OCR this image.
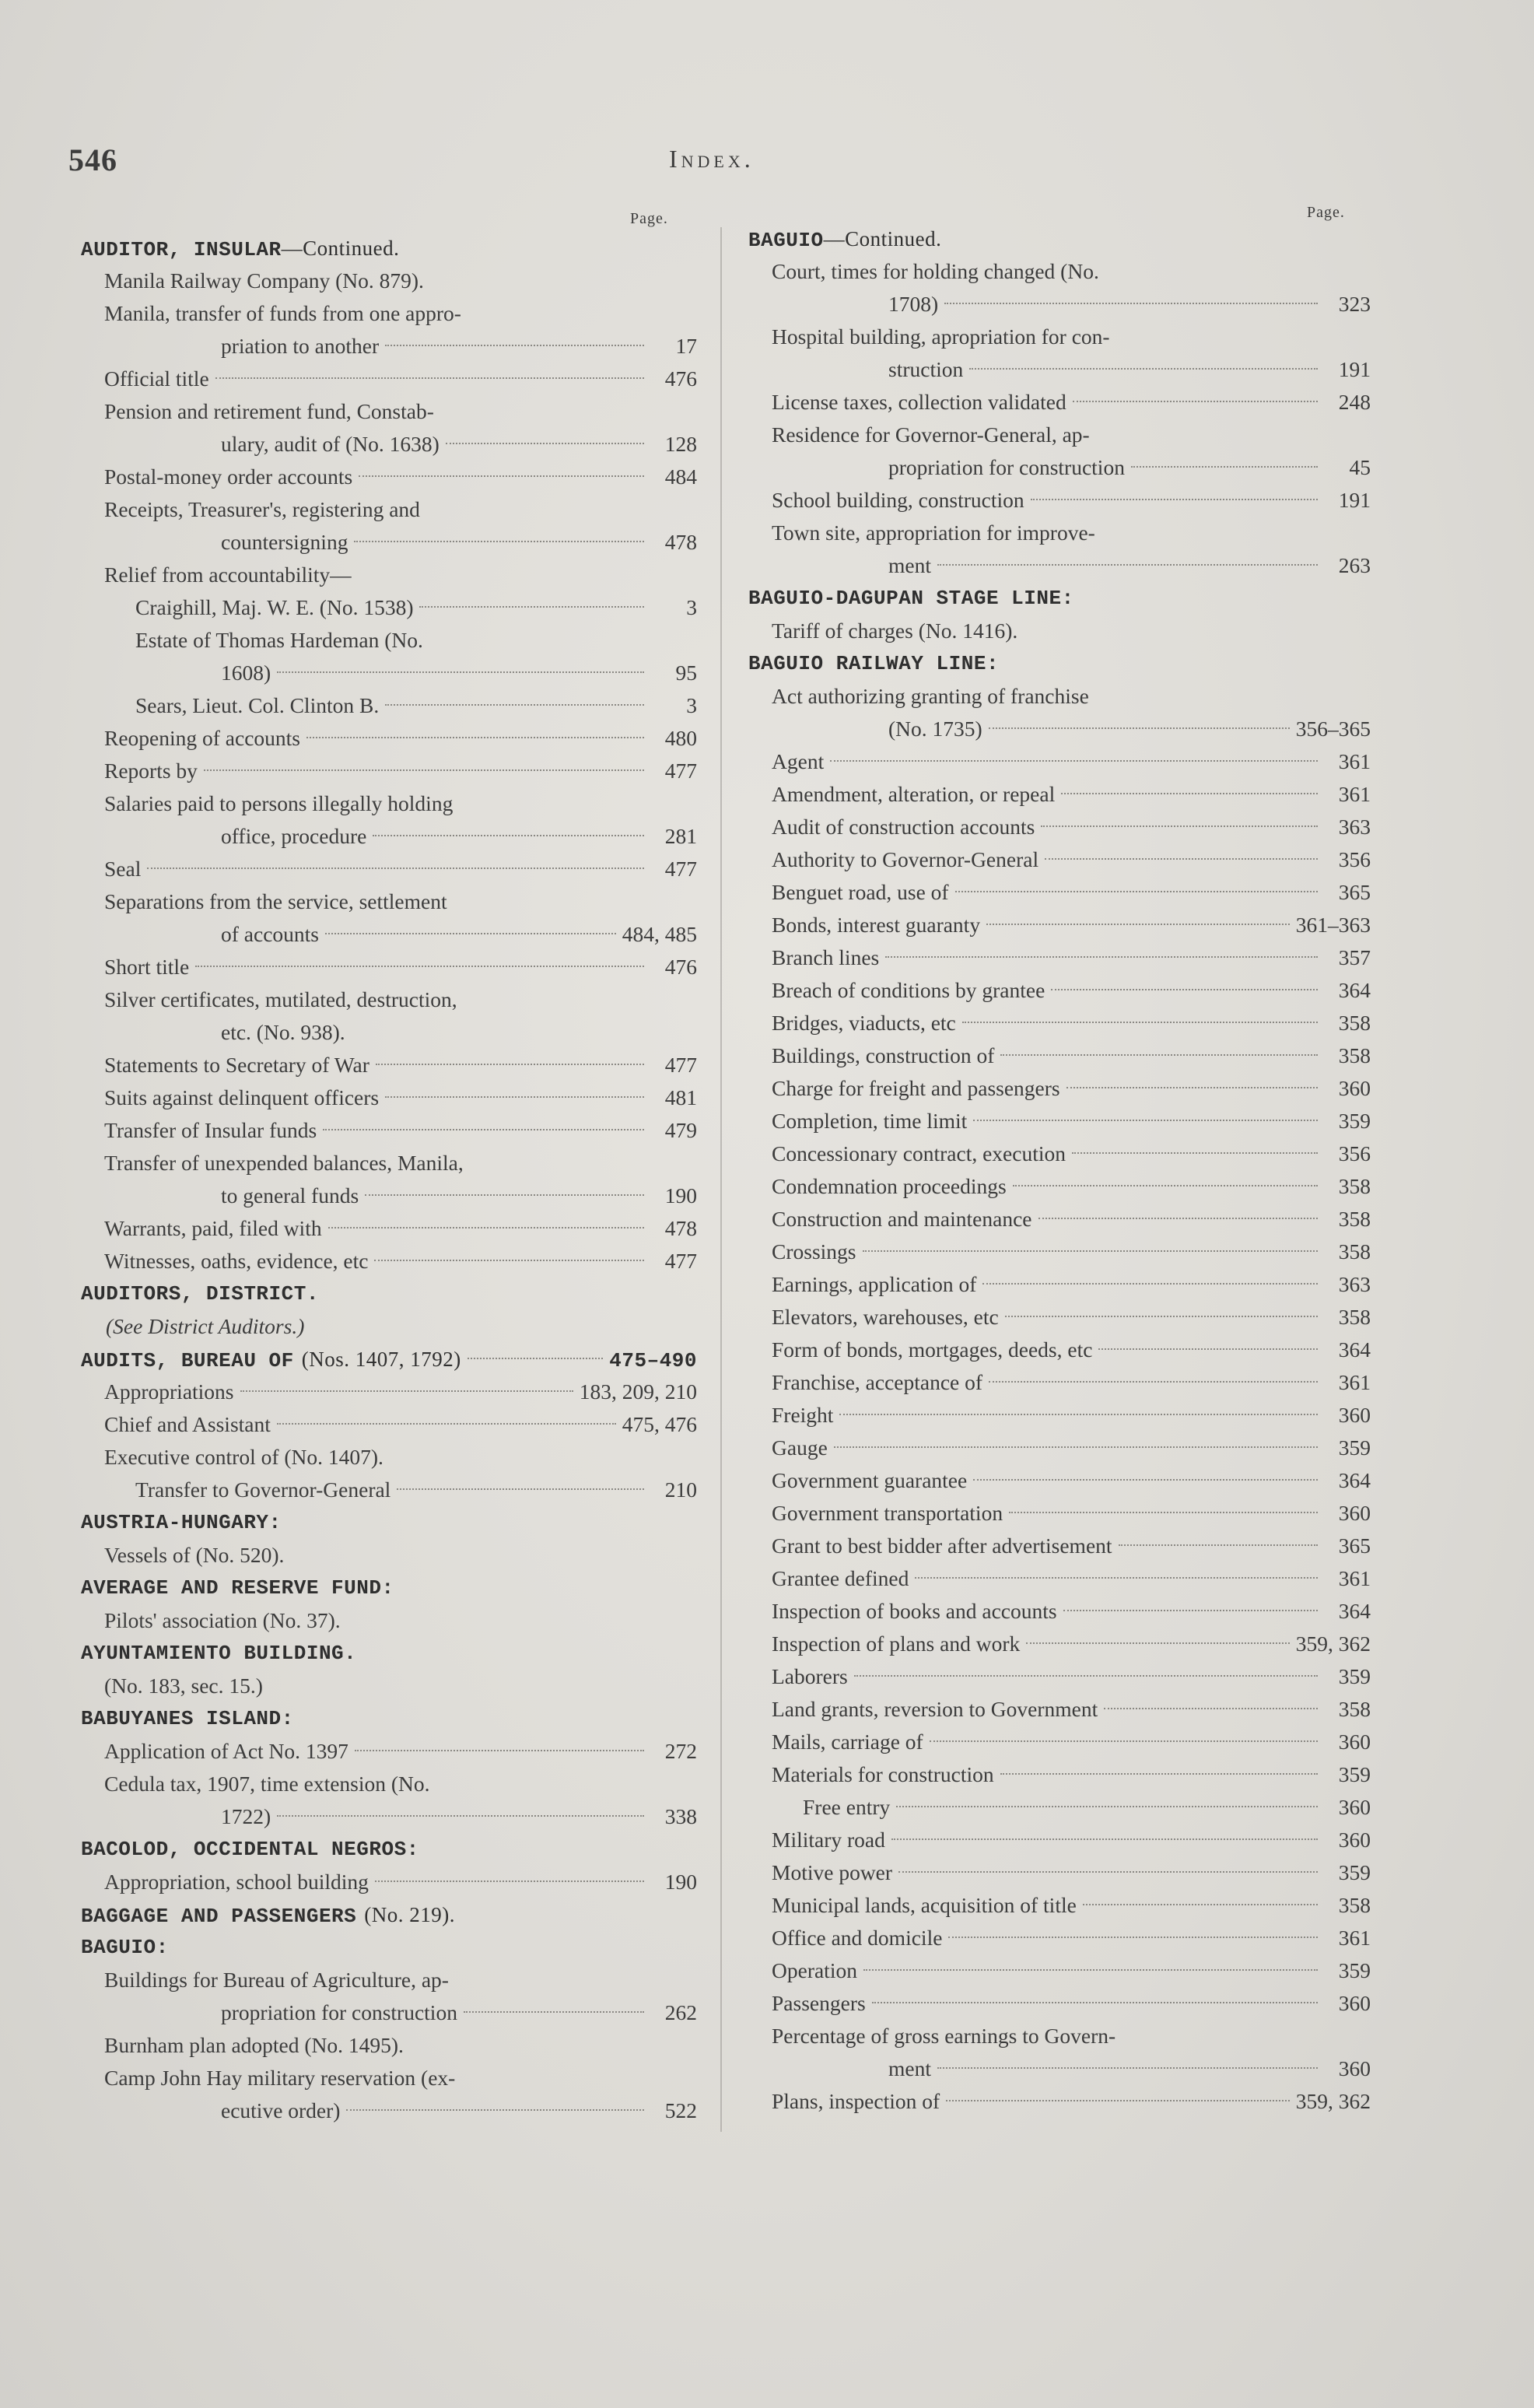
546	Index.
Page.	Page.
AUDITOR, INSULAR—Continued.
Manila Railway Company (No. 879).
Manila, transfer of funds from one appro-
priation to another	17
Official title	476
Pension and retirement fund, Constab-
ulary, audit of (No. 1638)	128
Postal-money order accounts	484
Receipts, Treasurer's, registering and
countersigning	478
Relief from accountability—
Craighill, Maj. W. E. (No. 1538)	3
Estate of Thomas Hardeman (No.
1608)	95
Sears, Lieut. Col. Clinton B.	3
Reopening of accounts	480
Reports by	477
Salaries paid to persons illegally holding
office, procedure	281
Seal	477
Separations from the service, settlement
of accounts	484, 485
Short title	476
Silver certificates, mutilated, destruction,
etc. (No. 938).
Statements to Secretary of War	477
Suits against delinquent officers	481
Transfer of Insular funds	479
Transfer of unexpended balances, Manila,
to general funds	190
Warrants, paid, filed with	478
Witnesses, oaths, evidence, etc	477
AUDITORS, DISTRICT.
(See District Auditors.)
AUDITS, BUREAU OF (Nos. 1407, 1792)	475–490
Appropriations	183, 209, 210
Chief and Assistant	475, 476
Executive control of (No. 1407).
Transfer to Governor-General	210
AUSTRIA-HUNGARY:
Vessels of (No. 520).
AVERAGE AND RESERVE FUND:
Pilots' association (No. 37).
AYUNTAMIENTO BUILDING.
(No. 183, sec. 15.)
BABUYANES ISLAND:
Application of Act No. 1397	272
Cedula tax, 1907, time extension (No.
1722)	338
BACOLOD, OCCIDENTAL NEGROS:
Appropriation, school building	190
BAGGAGE AND PASSENGERS (No. 219).
BAGUIO:
Buildings for Bureau of Agriculture, ap-
propriation for construction	262
Burnham plan adopted (No. 1495).
Camp John Hay military reservation (ex-
ecutive order)	522
BAGUIO—Continued.
Court, times for holding changed (No.
1708)	323
Hospital building, apropriation for con-
struction	191
License taxes, collection validated	248
Residence for Governor-General, ap-
propriation for construction	45
School building, construction	191
Town site, appropriation for improve-
ment	263
BAGUIO-DAGUPAN STAGE LINE:
Tariff of charges (No. 1416).
BAGUIO RAILWAY LINE:
Act authorizing granting of franchise
(No. 1735)	356–365
Agent	361
Amendment, alteration, or repeal	361
Audit of construction accounts	363
Authority to Governor-General	356
Benguet road, use of	365
Bonds, interest guaranty	361–363
Branch lines	357
Breach of conditions by grantee	364
Bridges, viaducts, etc	358
Buildings, construction of	358
Charge for freight and passengers	360
Completion, time limit	359
Concessionary contract, execution	356
Condemnation proceedings	358
Construction and maintenance	358
Crossings	358
Earnings, application of	363
Elevators, warehouses, etc	358
Form of bonds, mortgages, deeds, etc	364
Franchise, acceptance of	361
Freight	360
Gauge	359
Government guarantee	364
Government transportation	360
Grant to best bidder after advertisement	365
Grantee defined	361
Inspection of books and accounts	364
Inspection of plans and work	359, 362
Laborers	359
Land grants, reversion to Government	358
Mails, carriage of	360
Materials for construction	359
Free entry	360
Military road	360
Motive power	359
Municipal lands, acquisition of title	358
Office and domicile	361
Operation	359
Passengers	360
Percentage of gross earnings to Govern-
ment	360
Plans, inspection of	359, 362
